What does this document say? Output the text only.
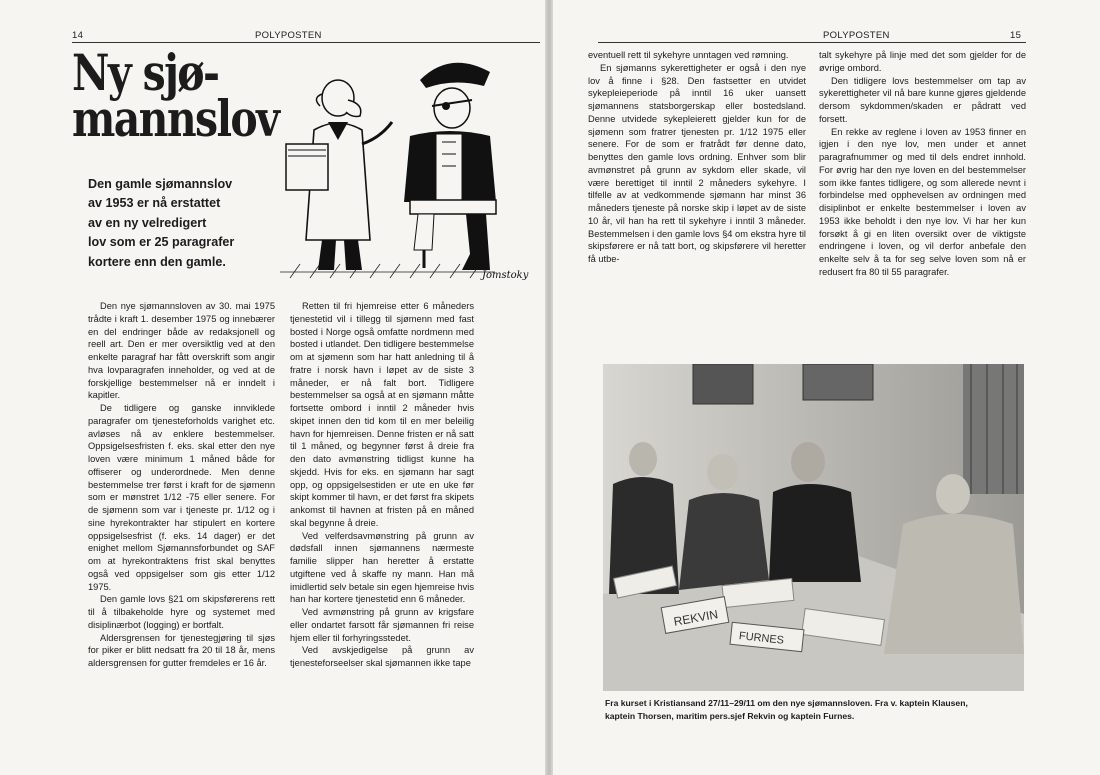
14	POLYPOSTEN
Ny sjø-
mannslov
Den gamle sjømannslov
av 1953 er nå erstattet
av en ny velredigert
lov som er 25 paragrafer
kortere enn den gamle.
Jomstoky

Den nye sjømannsloven av 30. mai 1975 trådte i kraft 1. desember 1975 og innebærer en del endringer både av redaksjonell og reell art. Den er mer oversiktlig ved at den enkelte paragraf har fått overskrift som angir hva lovparagrafen inneholder, og ved at de forskjellige bestemmelser nå er inndelt i kapitler.

De tidligere og ganske innviklede paragrafer om tjenesteforholds varighet etc. avløses nå av enklere bestemmelser. Oppsigelsesfristen f. eks. skal etter den nye loven være minimum 1 måned både for offiserer og underordnede. Men denne bestemmelse trer først i kraft for de sjømenn som er mønstret 1/12 -75 eller senere. For de sjømenn som var i tjeneste pr. 1/12 og i sine hyrekontrakter har stipulert en kortere oppsigelsesfrist (f. eks. 14 dager) er det enighet mellom Sjømannsforbundet og SAF om at hyrekontraktens frist skal benyttes også ved oppsigelser som gis etter 1/12 1975.

Den gamle lovs §21 om skipsførerens rett til å tilbakeholde hyre og systemet med disiplinærbot (logging) er bortfalt.

Aldersgrensen for tjenestegjøring til sjøs for piker er blitt nedsatt fra 20 til 18 år, mens aldersgrensen for gutter fremdeles er 16 år.

Retten til fri hjemreise etter 6 måneders tjenestetid vil i tillegg til sjømenn med fast bosted i Norge også omfatte nordmenn med bosted i utlandet. Den tidligere bestemmelse om at sjømenn som har hatt anledning til å fratre i norsk havn i løpet av de siste 3 måneder, er nå falt bort. Tidligere bestemmelser sa også at en sjømann måtte fortsette ombord i inntil 2 måneder hvis skipet innen den tid kom til en mer beleilig havn for hjemreisen. Denne fristen er nå satt til 1 måned, og begynner først å dreie fra den dato avmønstring tidligst kunne ha skjedd. Hvis for eks. en sjømann har sagt opp, og oppsigelsestiden er ute en uke før skipt kommer til havn, er det først fra skipets ankomst til havnen at fristen på en måned skal begynne å dreie.

Ved velferdsavmønstring på grunn av dødsfall innen sjømannens nærmeste familie slipper han heretter å erstatte utgiftene ved å skaffe ny mann. Han må imidlertid selv betale sin egen hjemreise hvis han har kortere tjenestetid enn 6 måneder.

Ved avmønstring på grunn av krigsfare eller ondartet farsott får sjømannen fri reise hjem eller til forhyringsstedet.

Ved avskjedigelse på grunn av tjenesteforseelser skal sjømannen ikke tape

POLYPOSTEN	15

eventuell rett til sykehyre unntagen ved rømning.

En sjømanns sykerettigheter er også i den nye lov å finne i §28. Den fastsetter en utvidet sykepleieperiode på inntil 16 uker uansett sjømannens statsborgerskap eller bostedsland. Denne utvidede sykepleierett gjelder kun for de sjømenn som fratrer tjenesten pr. 1/12 1975 eller senere. For de som er fratrådt før denne dato, benyttes den gamle lovs ordning. Enhver som blir avmønstret på grunn av sykdom eller skade, vil være berettiget til inntil 2 måneders sykehyre. I tilfelle av at vedkommende sjømann har minst 36 måneders tjeneste på norske skip i løpet av de siste 10 år, vil han ha rett til sykehyre i inntil 3 måneder. Bestemmelsen i den gamle lovs §4 om ekstra hyre til skipsførere er nå tatt bort, og skipsførere vil heretter få utbe-

talt sykehyre på linje med det som gjelder for de øvrige ombord.

Den tidligere lovs bestemmelser om tap av sykerettigheter vil nå bare kunne gjøres gjeldende dersom sykdommen/skaden er pådratt ved forsett.

En rekke av reglene i loven av 1953 finner en igjen i den nye lov, men under et annet paragrafnummer og med til dels endret innhold. For øvrig har den nye loven en del bestemmelser som ikke fantes tidligere, og som allerede nevnt i forbindelse med opphevelsen av ordningen med disiplinbot er enkelte bestemmelser i loven av 1953 ikke beholdt i den nye lov. Vi har her kun forsøkt å gi en liten oversikt over de viktigste endringene i loven, og vil derfor anbefale den enkelte selv å ta for seg selve loven som nå er redusert fra 80 til 55 paragrafer.

REKVIN
FURNES
Fra kurset i Kristiansand 27/11–29/11 om den nye sjømannsloven. Fra v. kaptein Klausen,
kaptein Thorsen, maritim pers.sjef Rekvin og kaptein Furnes.
